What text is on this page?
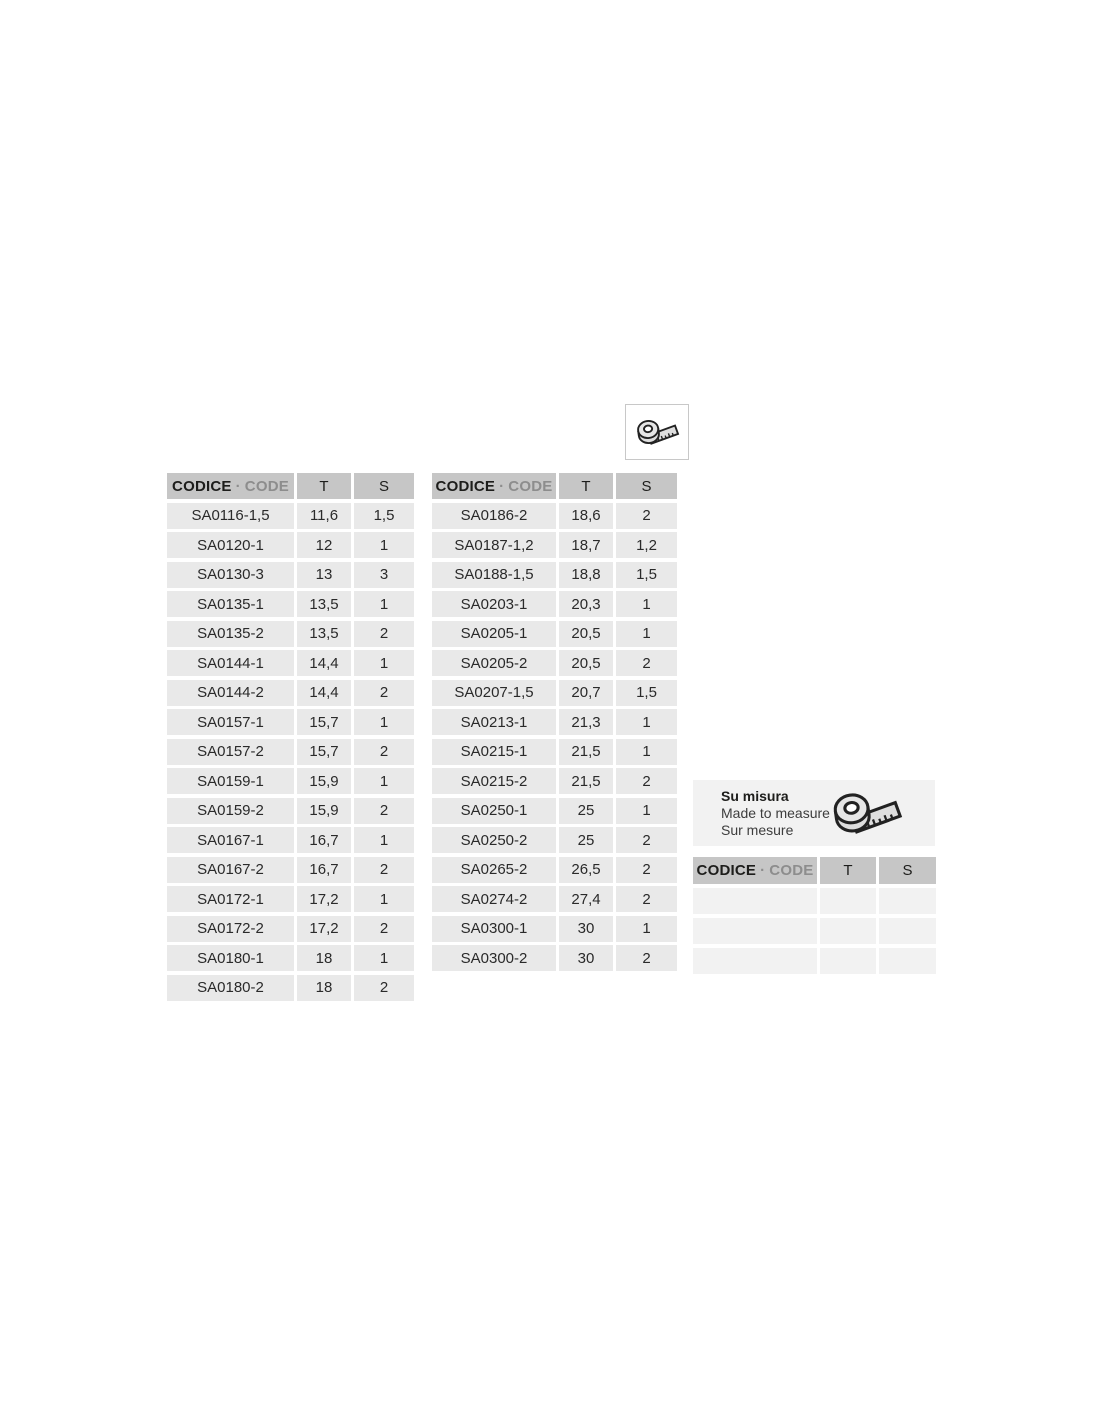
CODICE · CODE	T	S
SA0116-1,5	11,6	1,5
SA0120-1	12	1
SA0130-3	13	3
SA0135-1	13,5	1
SA0135-2	13,5	2
SA0144-1	14,4	1
SA0144-2	14,4	2
SA0157-1	15,7	1
SA0157-2	15,7	2
SA0159-1	15,9	1
SA0159-2	15,9	2
SA0167-1	16,7	1
SA0167-2	16,7	2
SA0172-1	17,2	1
SA0172-2	17,2	2
SA0180-1	18	1
SA0180-2	18	2
CODICE · CODE	T	S
SA0186-2	18,6	2
SA0187-1,2	18,7	1,2
SA0188-1,5	18,8	1,5
SA0203-1	20,3	1
SA0205-1	20,5	1
SA0205-2	20,5	2
SA0207-1,5	20,7	1,5
SA0213-1	21,3	1
SA0215-1	21,5	1
SA0215-2	21,5	2
SA0250-1	25	1
SA0250-2	25	2
SA0265-2	26,5	2
SA0274-2	27,4	2
SA0300-1	30	1
SA0300-2	30	2
Su misura
Made to measure
Sur mesure
CODICE · CODE	T	S
